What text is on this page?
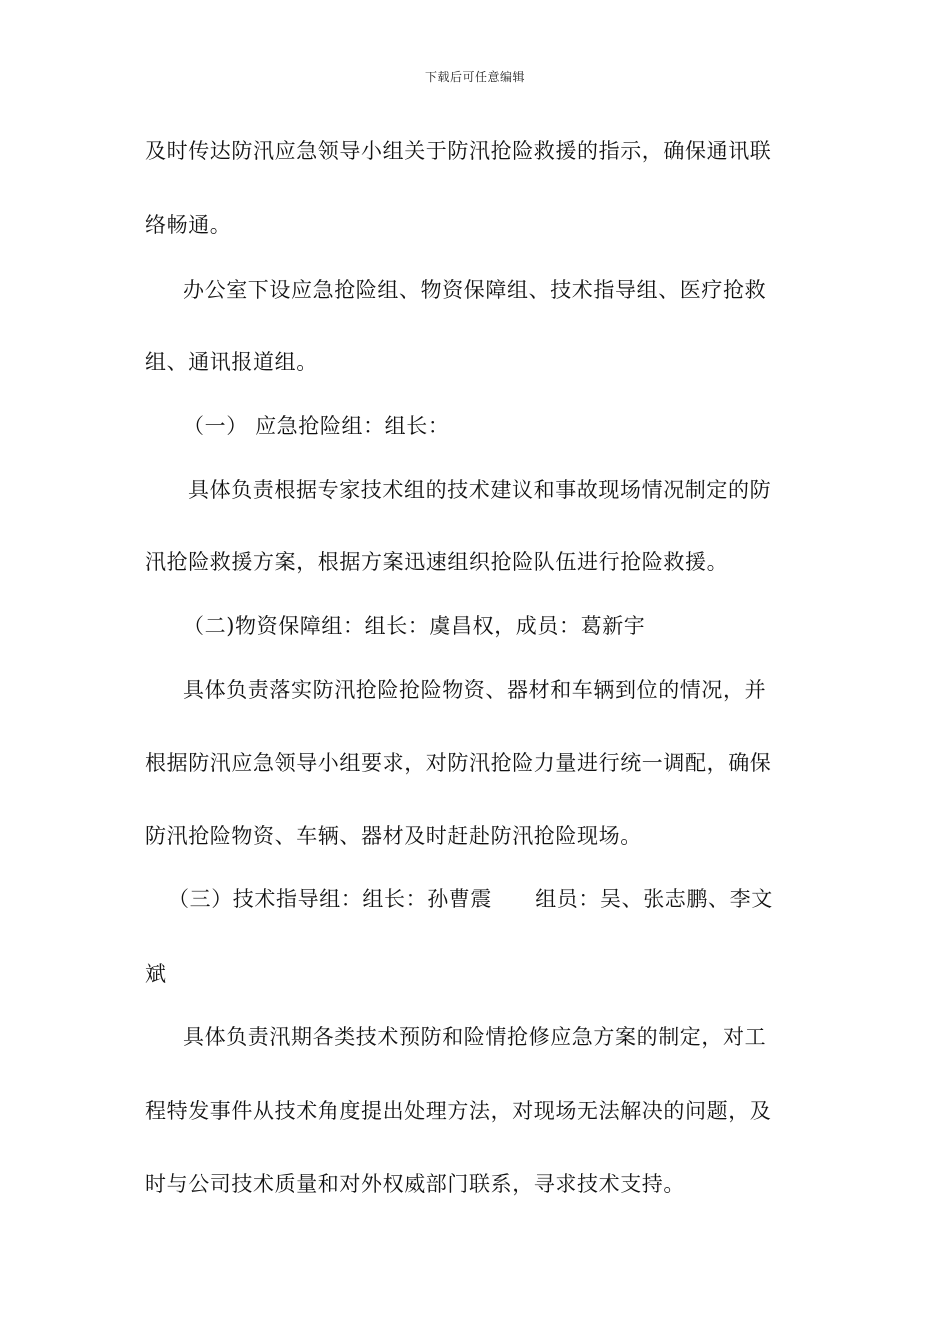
下载后可任意编辑
及时传达防汛应急领导小组关于防汛抢险救援的指示，确保通讯联
络畅通。
办公室下设应急抢险组、物资保障组、技术指导组、医疗抢救
组、通讯报道组。
（一） 应急抢险组：组长：
具体负责根据专家技术组的技术建议和事故现场情况制定的防
汛抢险救援方案，根据方案迅速组织抢险队伍进行抢险救援。
（二)物资保障组：组长：虞昌权，成员：葛新宇
具体负责落实防汛抢险抢险物资、器材和车辆到位的情况，并
根据防汛应急领导小组要求，对防汛抢险力量进行统一调配，确保
防汛抢险物资、车辆、器材及时赶赴防汛抢险现场。
（三）技术指导组：组长：孙曹震　　组员：吴、张志鹏、李文
斌
具体负责汛期各类技术预防和险情抢修应急方案的制定，对工
程特发事件从技术角度提出处理方法，对现场无法解决的问题，及
时与公司技术质量和对外权威部门联系，寻求技术支持。
